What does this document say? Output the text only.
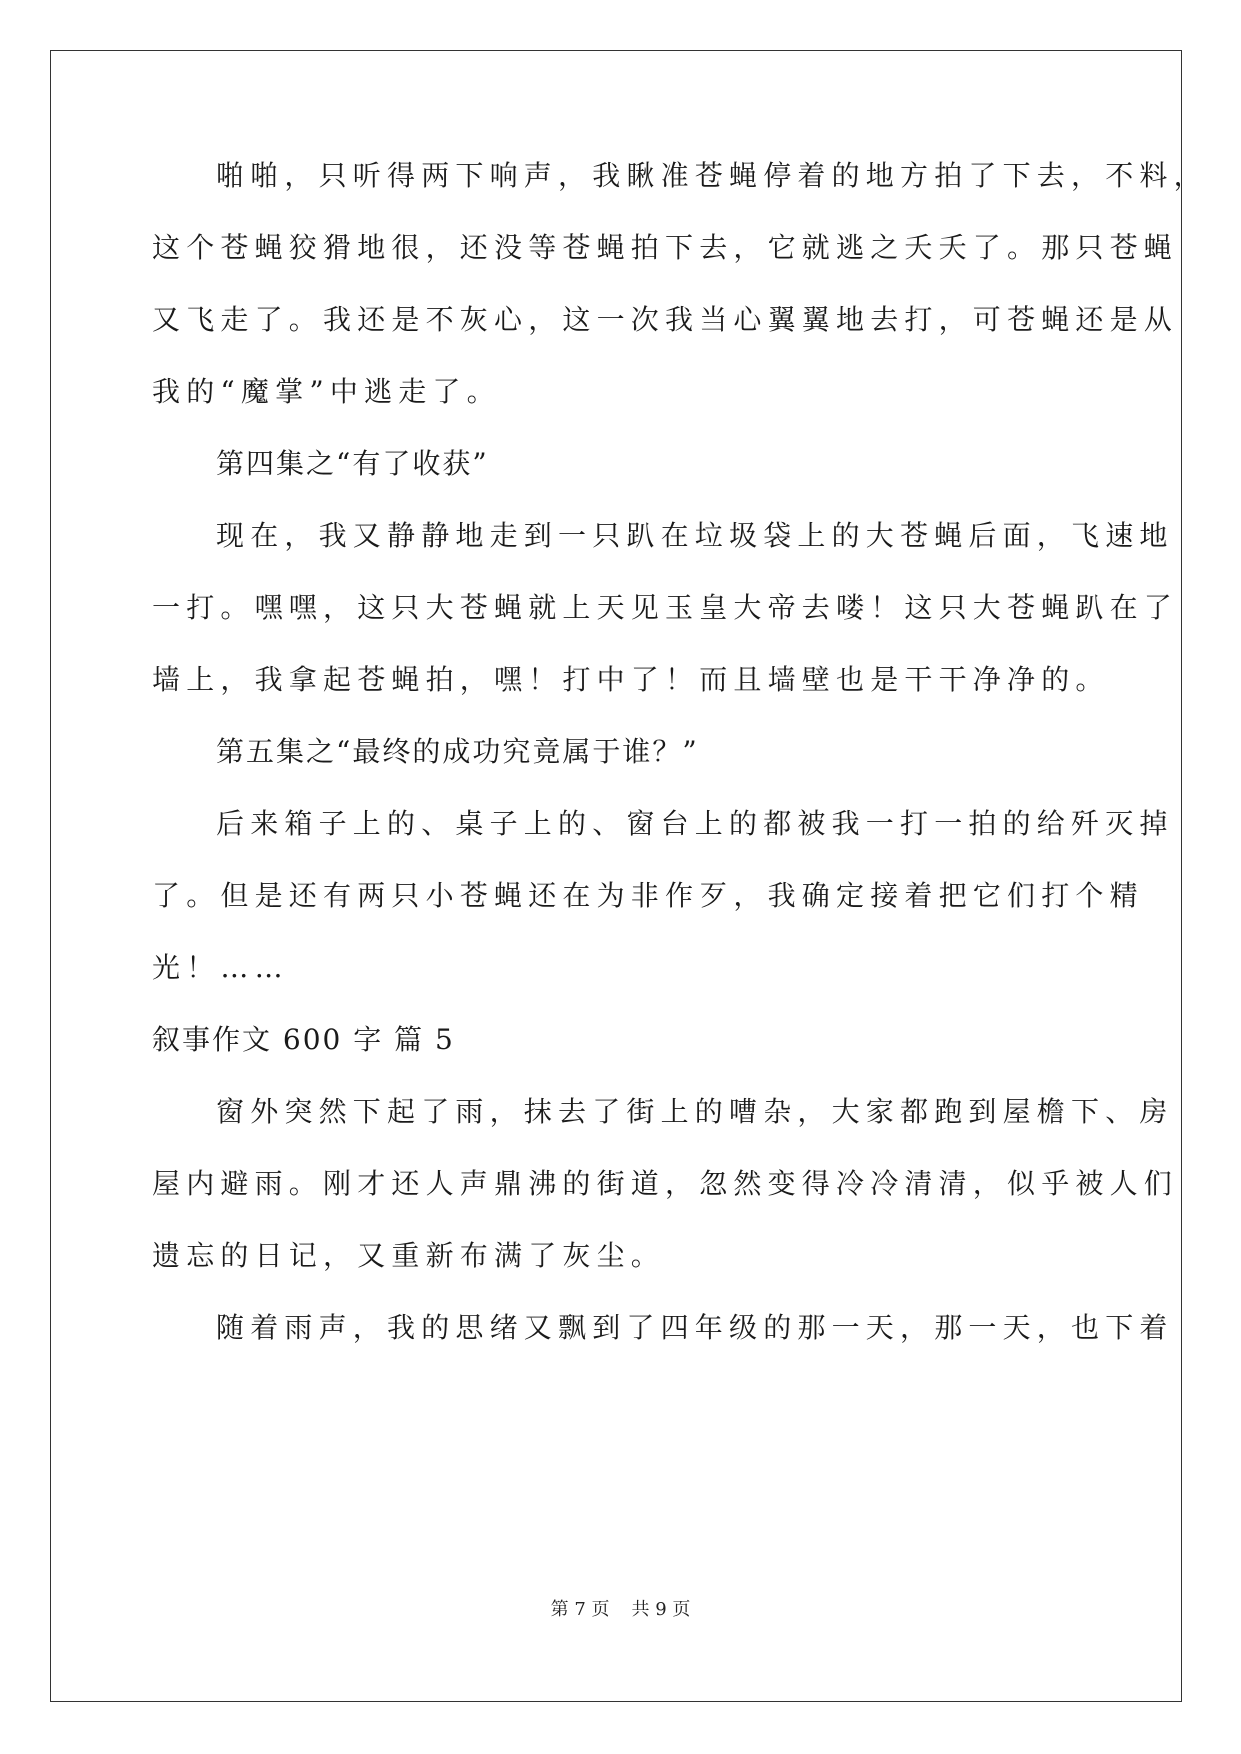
啪啪，只听得两下响声，我瞅准苍蝇停着的地方拍了下去，不料，
这个苍蝇狡猾地很，还没等苍蝇拍下去，它就逃之夭夭了。那只苍蝇
又飞走了。我还是不灰心，这一次我当心翼翼地去打，可苍蝇还是从
我的“魔掌”中逃走了。
第四集之“有了收获”
现在，我又静静地走到一只趴在垃圾袋上的大苍蝇后面，飞速地
一打。嘿嘿，这只大苍蝇就上天见玉皇大帝去喽！这只大苍蝇趴在了
墙上，我拿起苍蝇拍，嘿！打中了！而且墙壁也是干干净净的。
第五集之“最终的成功究竟属于谁？”
后来箱子上的、桌子上的、窗台上的都被我一打一拍的给歼灭掉
了。但是还有两只小苍蝇还在为非作歹，我确定接着把它们打个精
光！……
叙事作文 600 字 篇 5
窗外突然下起了雨，抹去了街上的嘈杂，大家都跑到屋檐下、房
屋内避雨。刚才还人声鼎沸的街道，忽然变得冷冷清清，似乎被人们
遗忘的日记，又重新布满了灰尘。
随着雨声，我的思绪又飘到了四年级的那一天，那一天，也下着
第 7 页 共 9 页
